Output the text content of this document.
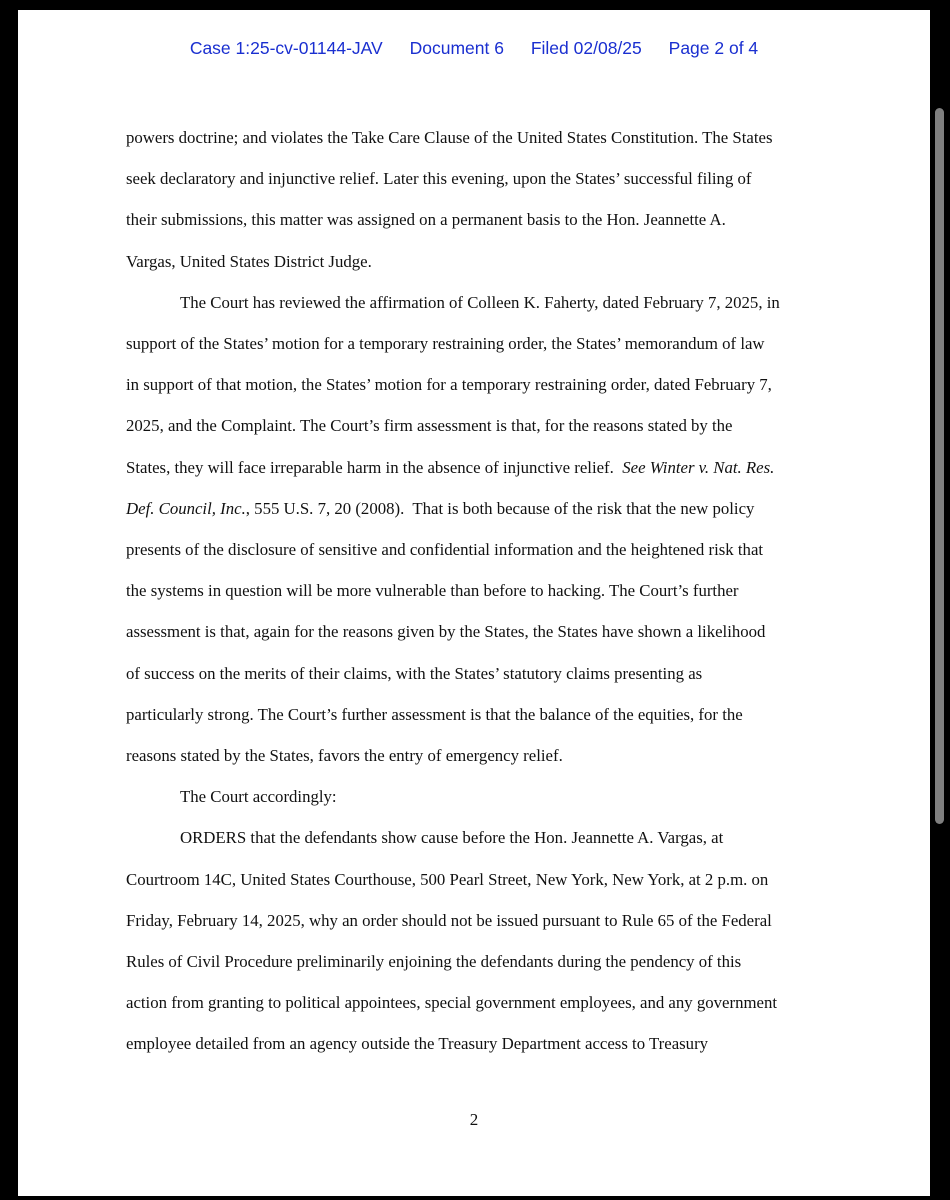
Case 1:25-cv-01144-JAV Document 6 Filed 02/08/25 Page 2 of 4

powers doctrine; and violates the Take Care Clause of the United States Constitution. The States
seek declaratory and injunctive relief. Later this evening, upon the States’ successful filing of
their submissions, this matter was assigned on a permanent basis to the Hon. Jeannette A.
Vargas, United States District Judge.

The Court has reviewed the affirmation of Colleen K. Faherty, dated February 7, 2025, in
support of the States’ motion for a temporary restraining order, the States’ memorandum of law
in support of that motion, the States’ motion for a temporary restraining order, dated February 7,
2025, and the Complaint. The Court’s firm assessment is that, for the reasons stated by the
States, they will face irreparable harm in the absence of injunctive relief.  See Winter v. Nat. Res.
Def. Council, Inc., 555 U.S. 7, 20 (2008).  That is both because of the risk that the new policy
presents of the disclosure of sensitive and confidential information and the heightened risk that
the systems in question will be more vulnerable than before to hacking. The Court’s further
assessment is that, again for the reasons given by the States, the States have shown a likelihood
of success on the merits of their claims, with the States’ statutory claims presenting as
particularly strong. The Court’s further assessment is that the balance of the equities, for the
reasons stated by the States, favors the entry of emergency relief.

The Court accordingly:

ORDERS that the defendants show cause before the Hon. Jeannette A. Vargas, at
Courtroom 14C, United States Courthouse, 500 Pearl Street, New York, New York, at 2 p.m. on
Friday, February 14, 2025, why an order should not be issued pursuant to Rule 65 of the Federal
Rules of Civil Procedure preliminarily enjoining the defendants during the pendency of this
action from granting to political appointees, special government employees, and any government
employee detailed from an agency outside the Treasury Department access to Treasury

2
